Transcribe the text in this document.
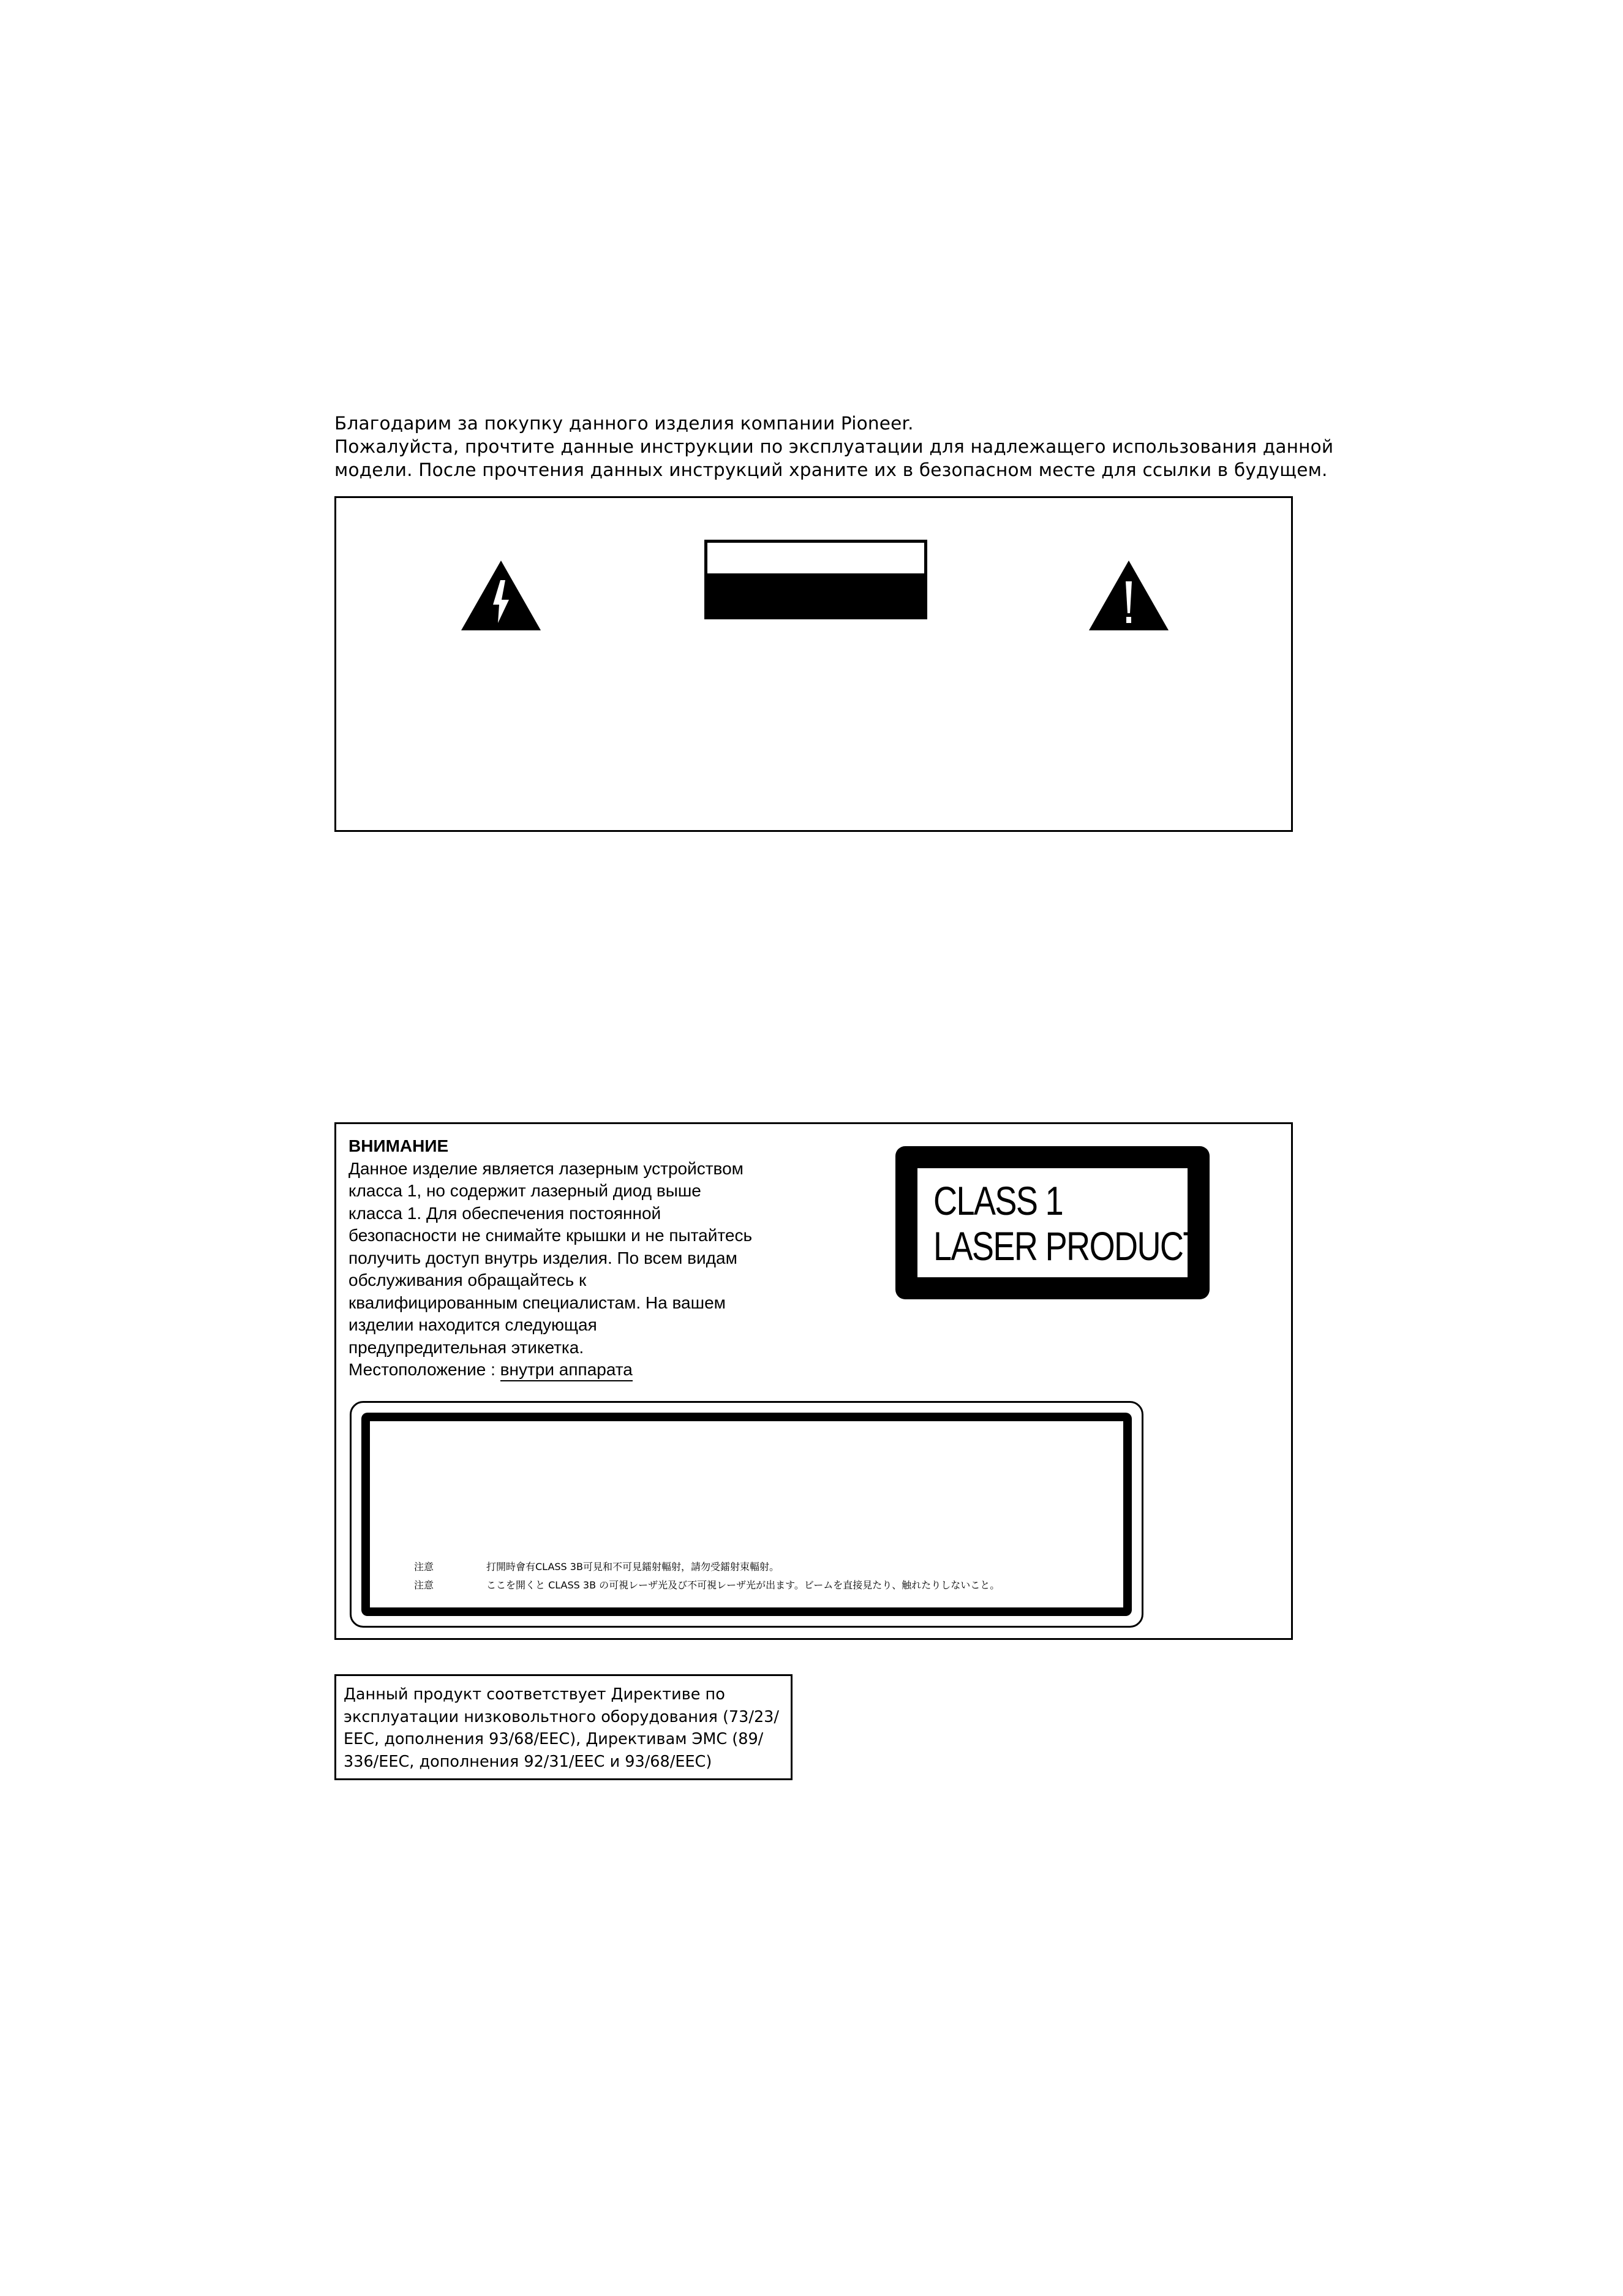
Благодарим за покупку данного изделия компании Pioneer.
Пожалуйста, прочтите данные инструкции по эксплуатации для надлежащего использования данной
модели. После прочтения данных инструкций храните их в безопасном месте для ссылки в будущем.
ВНИМАНИЕ
Данное изделие является лазерным устройством
класса 1, но содержит лазерный диод выше
класса 1. Для обеспечения постоянной
безопасности не снимайте крышки и не пытайтесь
получить доступ внутрь изделия. По всем видам
обслуживания обращайтесь к
квалифицированным специалистам. На вашем
изделии находится следующая
предупредительная этикетка.
Местоположение : внутри аппарата
CLASS 1
LASER PRODUCT
注意	打開時會有CLASS 3B可見和不可見鐳射輻射，請勿受鐳射束輻射。
注意	ここを開くと CLASS 3B の可視レーザ光及び不可視レーザ光が出ます。ビームを直接見たり、触れたりしないこと。
Данный продукт соответствует Директиве по
эксплуатации низковольтного оборудования (73/23/
EEC, дополнения 93/68/EEC), Директивам ЭМС (89/
336/EEC, дополнения 92/31/EEC и 93/68/EEC)
